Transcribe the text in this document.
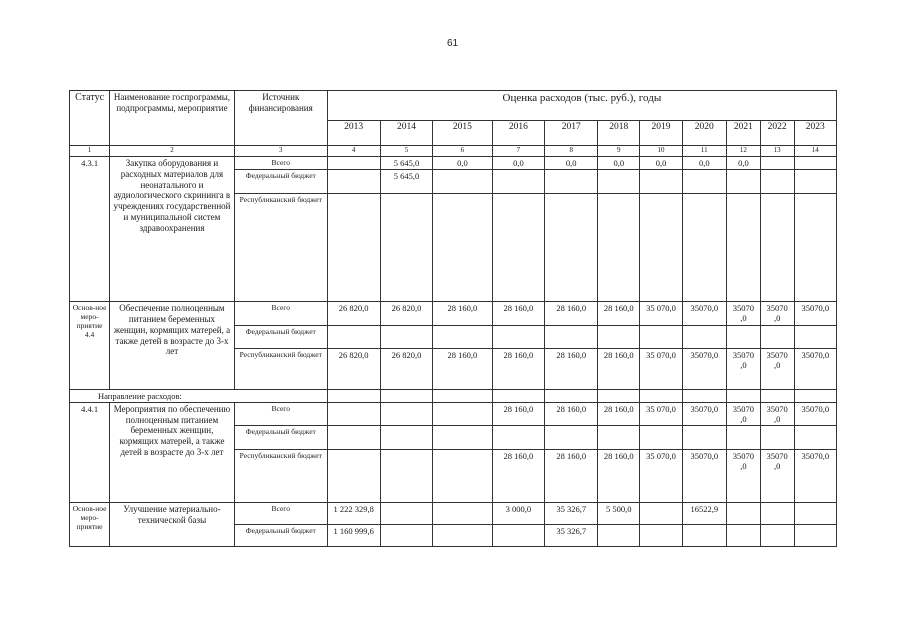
61
Статус	Наименование госпрограммы, подпрограммы, мероприятие	Источник финансирования	Оценка расходов (тыс. руб.), годы										
			2013	2014	2015	2016	2017	2018	2019	2020	2021	2022	2023
1	2	3	4	5	6	7	8	9	10	11	12	13	14
4.3.1	Закупка оборудования и расходных материалов для неонатального и аудиологического скрининга в учреждениях государственной и муниципальной систем здравоохранения	Всего		5 645,0	0,0	0,0	0,0	0,0	0,0	0,0	0,0		
		Федеральный бюджет		5 645,0									
		Республиканский бюджет											
Основ-ное меро-приятие 4.4	Обеспечение полноценным питанием беременных женщин, кормящих матерей, а также детей в возрасте до 3-х лет	Всего	26 820,0	26 820,0	28 160,0	28 160,0	28 160,0	28 160,0	35 070,0	35070,0	35070 ,0	35070 ,0	35070,0
		Федеральный бюджет											
		Республиканский бюджет	26 820,0	26 820,0	28 160,0	28 160,0	28 160,0	28 160,0	35 070,0	35070,0	35070 ,0	35070 ,0	35070,0
Направление расходов:													
4.4.1	Мероприятия по обеспечению полноценным питанием беременных женщин, кормящих матерей, а также детей в возрасте до 3-х лет	Всего				28 160,0	28 160,0	28 160,0	35 070,0	35070,0	35070 ,0	35070 ,0	35070,0
		Федеральный бюджет											
		Республиканский бюджет				28 160,0	28 160,0	28 160,0	35 070,0	35070,0	35070 ,0	35070 ,0	35070,0
Основ-ное меро-приятие	Улучшение материально-технической базы	Всего	1 222 329,8			3 000,0	35 326,7	5 500,0		16522,9			
		Федеральный бюджет	1 160 999,6				35 326,7						
